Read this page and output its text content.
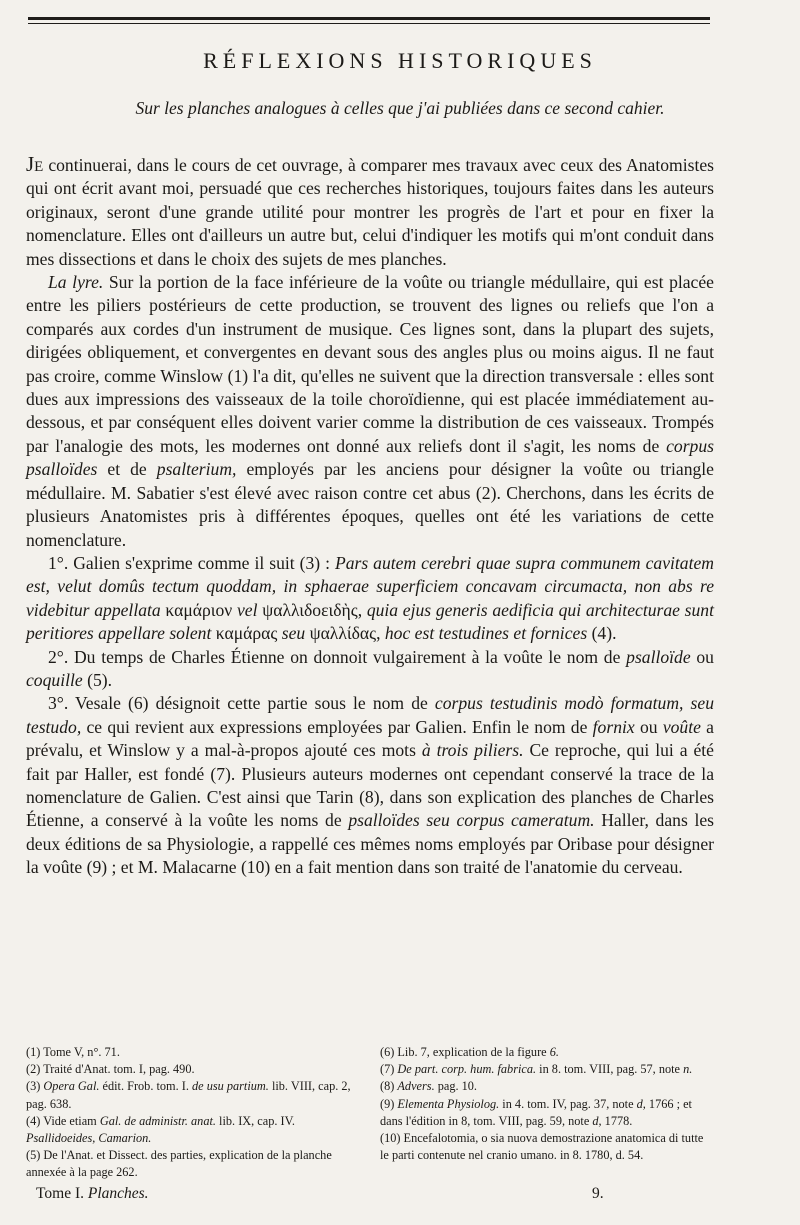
RÉFLEXIONS HISTORIQUES

Sur les planches analogues à celles que j'ai publiées dans ce second cahier.

Je continuerai, dans le cours de cet ouvrage, à comparer mes travaux avec ceux des Anatomistes qui ont écrit avant moi, persuadé que ces recherches historiques, toujours faites dans les auteurs originaux, seront d'une grande utilité pour montrer les progrès de l'art et pour en fixer la nomenclature. Elles ont d'ailleurs un autre but, celui d'indiquer les motifs qui m'ont conduit dans mes dissections et dans le choix des sujets de mes planches.

La lyre. Sur la portion de la face inférieure de la voûte ou triangle médullaire, qui est placée entre les piliers postérieurs de cette production, se trouvent des lignes ou reliefs que l'on a comparés aux cordes d'un instrument de musique. Ces lignes sont, dans la plupart des sujets, dirigées obliquement, et convergentes en devant sous des angles plus ou moins aigus. Il ne faut pas croire, comme Winslow (1) l'a dit, qu'elles ne suivent que la direction transversale : elles sont dues aux impressions des vaisseaux de la toile choroïdienne, qui est placée immédiatement au-dessous, et par conséquent elles doivent varier comme la distribution de ces vaisseaux. Trompés par l'analogie des mots, les modernes ont donné aux reliefs dont il s'agit, les noms de corpus psalloïdes et de psalterium, employés par les anciens pour désigner la voûte ou triangle médullaire. M. Sabatier s'est élevé avec raison contre cet abus (2). Cherchons, dans les écrits de plusieurs Anatomistes pris à différentes époques, quelles ont été les variations de cette nomenclature.

1°. Galien s'exprime comme il suit (3) : Pars autem cerebri quae supra communem cavitatem est, velut domûs tectum quoddam, in sphaerae superficiem concavam circumacta, non abs re videbitur appellata καμάριον vel ψαλλιδοειδὴς, quia ejus generis aedificia qui architecturae sunt peritiores appellare solent καμάρας seu ψαλλίδας, hoc est testudines et fornices (4).

2°. Du temps de Charles Étienne on donnoit vulgairement à la voûte le nom de psalloïde ou coquille (5).

3°. Vesale (6) désignoit cette partie sous le nom de corpus testudinis modò formatum, seu testudo, ce qui revient aux expressions employées par Galien. Enfin le nom de fornix ou voûte a prévalu, et Winslow y a mal-à-propos ajouté ces mots à trois piliers. Ce reproche, qui lui a été fait par Haller, est fondé (7). Plusieurs auteurs modernes ont cependant conservé la trace de la nomenclature de Galien. C'est ainsi que Tarin (8), dans son explication des planches de Charles Étienne, a conservé à la voûte les noms de psalloïdes seu corpus cameratum. Haller, dans les deux éditions de sa Physiologie, a rappellé ces mêmes noms employés par Oribase pour désigner la voûte (9) ; et M. Malacarne (10) en a fait mention dans son traité de l'anatomie du cerveau.

(1) Tome V, n°. 71.

(2) Traité d'Anat. tom. I, pag. 490.

(3) Opera Gal. édit. Frob. tom. I. de usu partium. lib. VIII, cap. 2, pag. 638.

(4) Vide etiam Gal. de administr. anat. lib. IX, cap. IV. Psallidoeides, Camarion.

(5) De l'Anat. et Dissect. des parties, explication de la planche annexée à la page 262.

(6) Lib. 7, explication de la figure 6.

(7) De part. corp. hum. fabrica. in 8. tom. VIII, pag. 57, note n.

(8) Advers. pag. 10.

(9) Elementa Physiolog. in 4. tom. IV, pag. 37, note d, 1766 ; et dans l'édition in 8, tom. VIII, pag. 59, note d, 1778.

(10) Encefalotomia, o sia nuova demostrazione anatomica di tutte le parti contenute nel cranio umano. in 8. 1780, d. 54.

Tome I. Planches.	9.
